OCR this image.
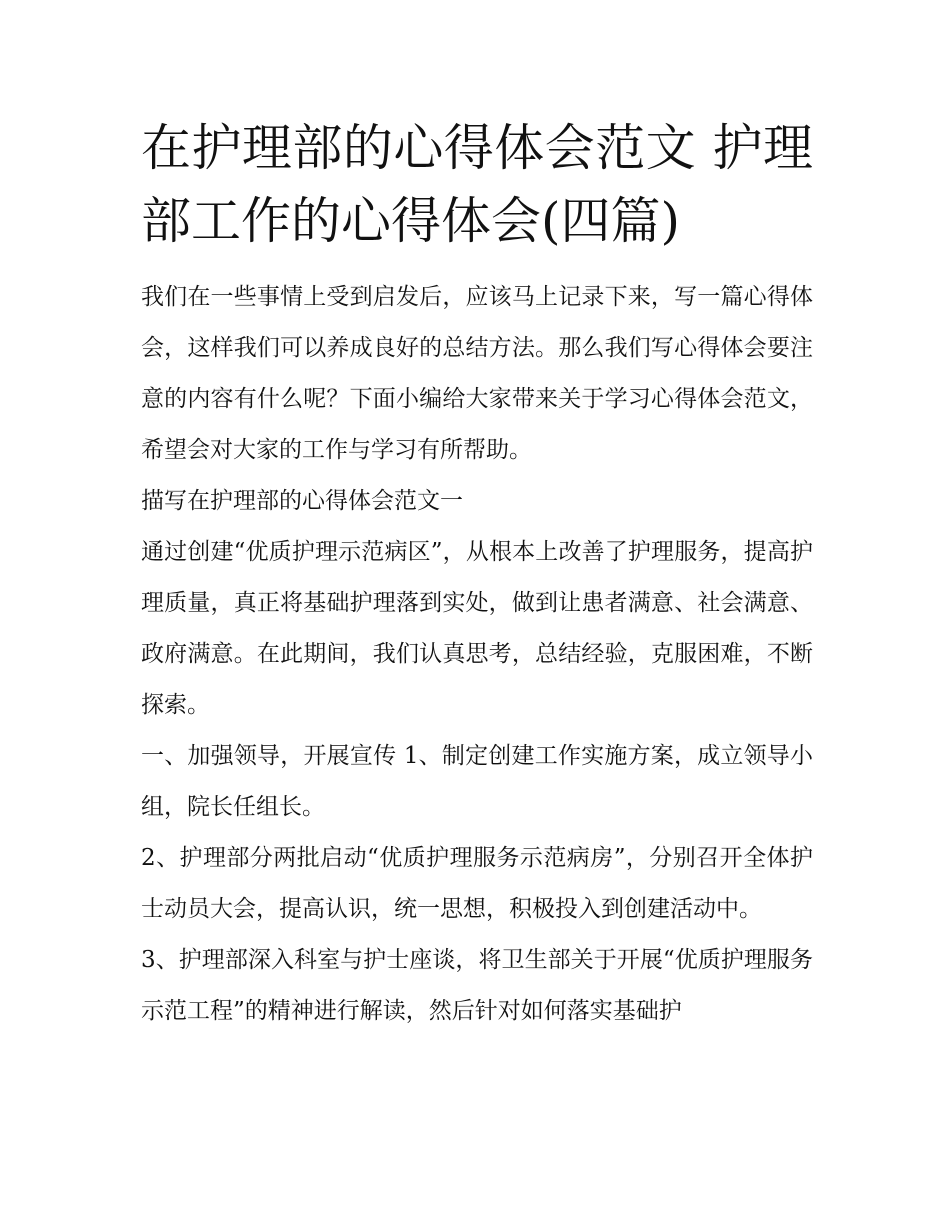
在护理部的心得体会范文 护理部工作的心得体会(四篇)

我们在一些事情上受到启发后，应该马上记录下来，写一篇心得体会，这样我们可以养成良好的总结方法。那么我们写心得体会要注意的内容有什么呢？下面小编给大家带来关于学习心得体会范文，希望会对大家的工作与学习有所帮助。

描写在护理部的心得体会范文一

通过创建“优质护理示范病区”，从根本上改善了护理服务，提高护理质量，真正将基础护理落到实处，做到让患者满意、社会满意、政府满意。在此期间，我们认真思考，总结经验，克服困难，不断探索。

一、加强领导，开展宣传 1、制定创建工作实施方案，成立领导小组，院长任组长。

2、护理部分两批启动“优质护理服务示范病房”，分别召开全体护士动员大会，提高认识，统一思想，积极投入到创建活动中。

3、护理部深入科室与护士座谈，将卫生部关于开展“优质护理服务示范工程”的精神进行解读，然后针对如何落实基础护
